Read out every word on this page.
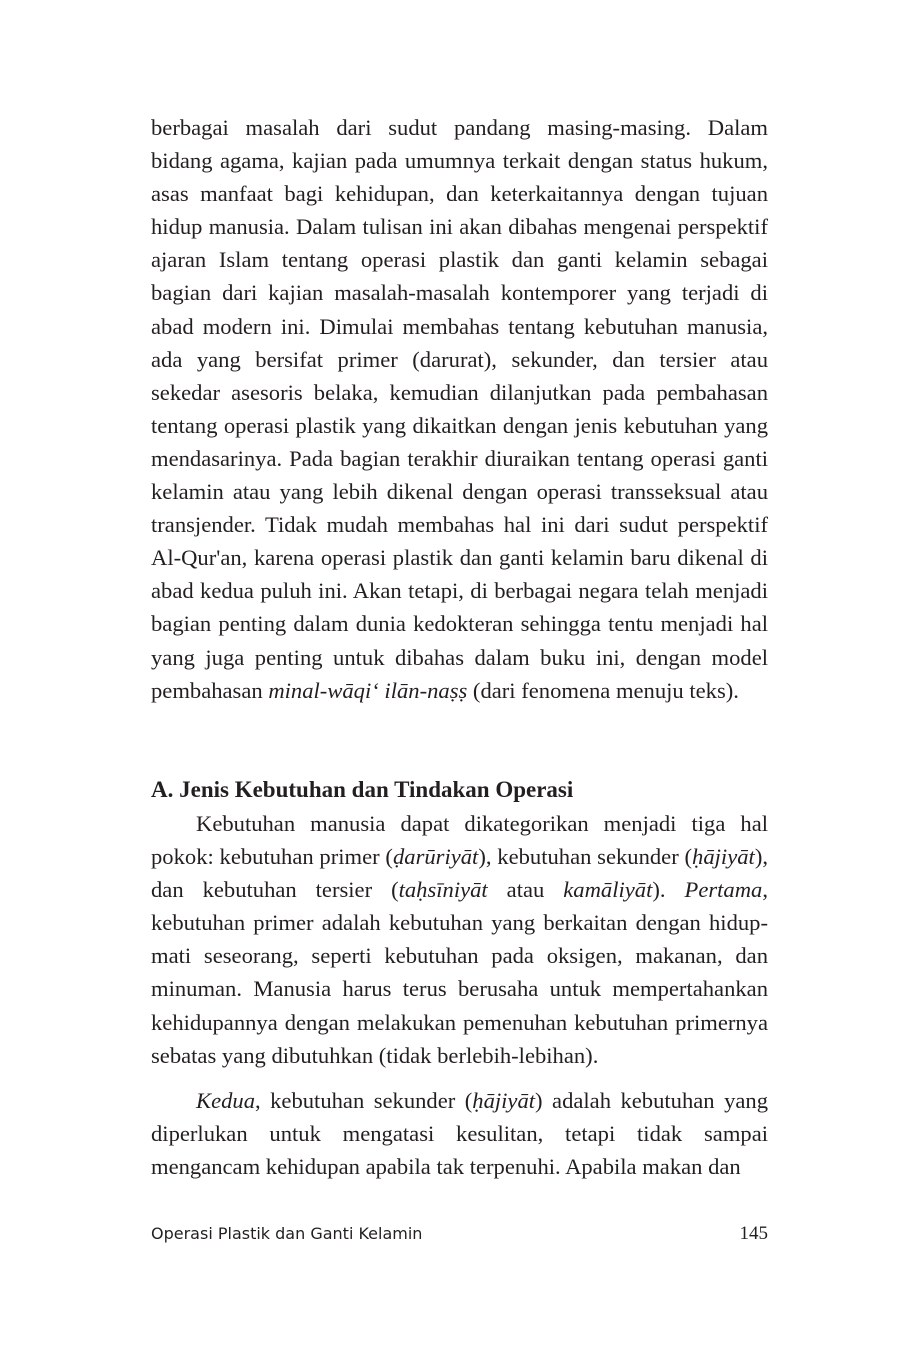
berbagai masalah dari sudut pandang masing-masing. Dalam bidang agama, kajian pada umumnya terkait dengan status hukum, asas manfaat bagi kehidupan, dan keterkaitannya dengan tujuan hidup manusia. Dalam tulisan ini akan dibahas mengenai perspektif ajaran Islam tentang operasi plastik dan ganti kelamin sebagai bagian dari kajian masalah-masalah kontemporer yang terjadi di abad modern ini. Dimulai membahas tentang kebutuhan manusia, ada yang bersifat primer (darurat), sekunder, dan tersier atau sekedar asesoris belaka, kemudian dilanjutkan pada pembahasan tentang operasi plastik yang dikaitkan dengan jenis kebutuhan yang mendasarinya. Pada bagian terakhir diuraikan tentang operasi ganti kelamin atau yang lebih dikenal dengan operasi transseksual atau transjender. Tidak mudah membahas hal ini dari sudut perspektif Al-Qur'an, karena operasi plastik dan ganti kelamin baru dikenal di abad kedua puluh ini. Akan tetapi, di berbagai negara telah menjadi bagian penting dalam dunia kedokteran sehingga tentu menjadi hal yang juga penting untuk dibahas dalam buku ini, dengan model pembahasan minal-wāqi‘ ilān-naṣṣ (dari fenomena menuju teks).

A. Jenis Kebutuhan dan Tindakan Operasi

Kebutuhan manusia dapat dikategorikan menjadi tiga hal pokok: kebutuhan primer (ḍarūriyāt), kebutuhan sekunder (ḥājiyāt), dan kebutuhan tersier (taḥsīniyāt atau kamāliyāt). Pertama, kebutuhan primer adalah kebutuhan yang berkaitan dengan hidup-mati seseorang, seperti kebutuhan pada oksigen, makanan, dan minuman. Manusia harus terus berusaha untuk mempertahankan kehidupannya dengan melakukan pemenuhan kebutuhan primernya sebatas yang dibutuhkan (tidak berlebih-lebihan).

Kedua, kebutuhan sekunder (ḥājiyāt) adalah kebutuhan yang diperlukan untuk mengatasi kesulitan, tetapi tidak sampai mengancam kehidupan apabila tak terpenuhi. Apabila makan dan

Operasi Plastik dan Ganti Kelamin	145
